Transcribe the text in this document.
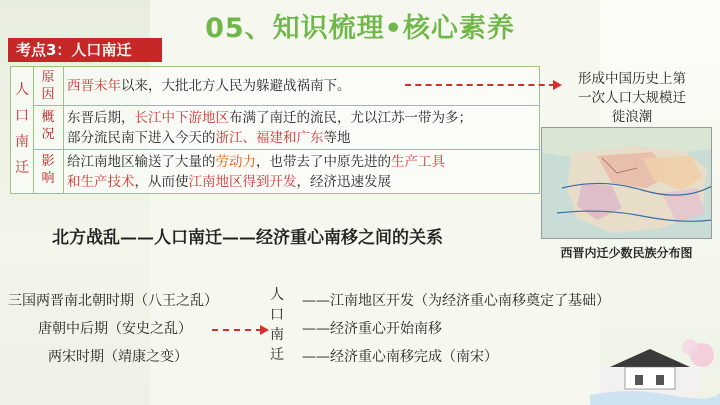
05、知识梳理•核心素养
考点3：人口南迁
人
口
南
迁
原
因
概
况
影
响
西晋末年以来，大批北方人民为躲避战祸南下。
东晋后期，长江中下游地区布满了南迁的流民，尤以江苏一带为多；
部分流民南下进入今天的浙江、福建和广东等地
给江南地区输送了大量的劳动力，也带去了中原先进的生产工具
和生产技术，从而使江南地区得到开发，经济迅速发展
形成中国历史上第
一次人口大规模迁
徙浪潮
西晋内迁少数民族分布图
北方战乱——人口南迁——经济重心南移之间的关系
三国两晋南北朝时期（八王之乱）
唐朝中后期（安史之乱）
两宋时期（靖康之变）
人
口
南
迁
——江南地区开发（为经济重心南移奠定了基础）
——经济重心开始南移
——经济重心南移完成（南宋）
